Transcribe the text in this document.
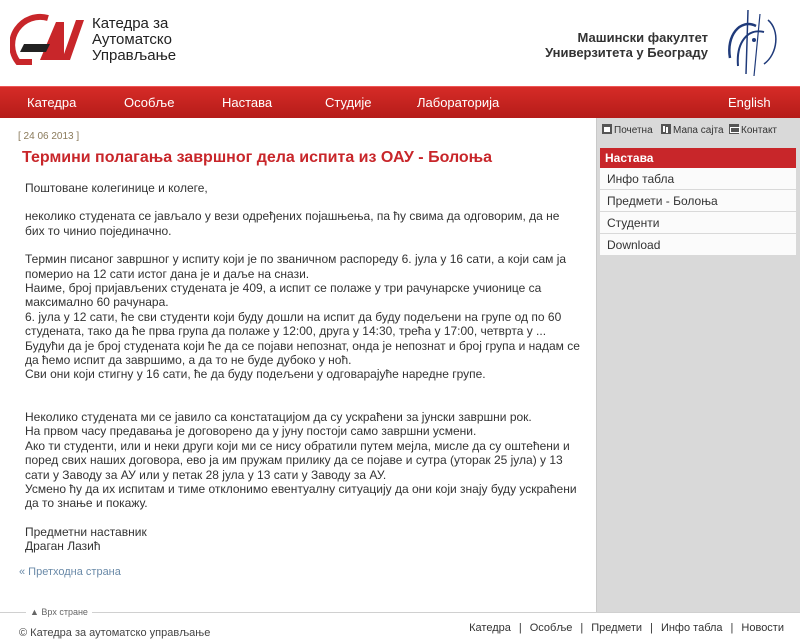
Катедра за
Аутоматско
Управљање
Машински факултет
Универзитета у Београду
Катедра	Особље	Настава	Студије	Лабораторија	English
[ 24 06 2013 ]
Термини полагања завршног дела испита из ОАУ - Болоња

Поштоване колегинице и колеге,

неколико студената се јављало у вези одређених појашњења, па ћу свима да одговорим, да не бих то чинио појединачно.

Термин писаног завршног у испиту који је по званичном распореду 6. јула у 16 сати, а који сам ја померио на 12 сати истог дана је и даље на снази.

Наиме, број пријављених студената је 409, а испит се полаже у три рачунарске учионице са максимално 60 рачунара.

6. јула у 12 сати, ће сви студенти који буду дошли на испит да буду подељени на групе од по 60 студената, тако да ће прва група да полаже у 12:00, друга у 14:30, трећа у 17:00, четврта у ...

Будући да је број студената који ће да се појави непознат, онда је непознат и број група и надам се да ћемо испит да завршимо, а да то не буде дубоко у ноћ.

Сви они који стигну у 16 сати, ће да буду подељени у одговарајуће наредне групе.

Неколико студената ми се јавило са констатацијом да су ускраћени за јунски завршни рок.

На првом часу предавања је договорено да у јуну постоји само завршни усмени.

Ако ти студенти, или и неки други који ми се нису обратили путем мејла, мисле да су оштећени и поред свих наших договора, ево ја им пружам прилику да се појаве и сутра (уторак 25 јула) у 13 сати у Заводу за АУ или у петак 28 јула у 13 сати у Заводу за АУ.

Усмено ћу да их испитам и тиме отклонимо евентуалну ситуацију да они који знају буду ускраћени да то знање и покажу.

Предметни наставник

Драган Лазић

« Претходна страна
Почетна	Мапа сајта	Контакт
Настава
Инфо табла
Предмети - Болоња
Студенти
Download
▲ Врх стране
© Катедра за аутоматско управљање	Катедра | Особље | Предмети | Инфо табла | Новости
